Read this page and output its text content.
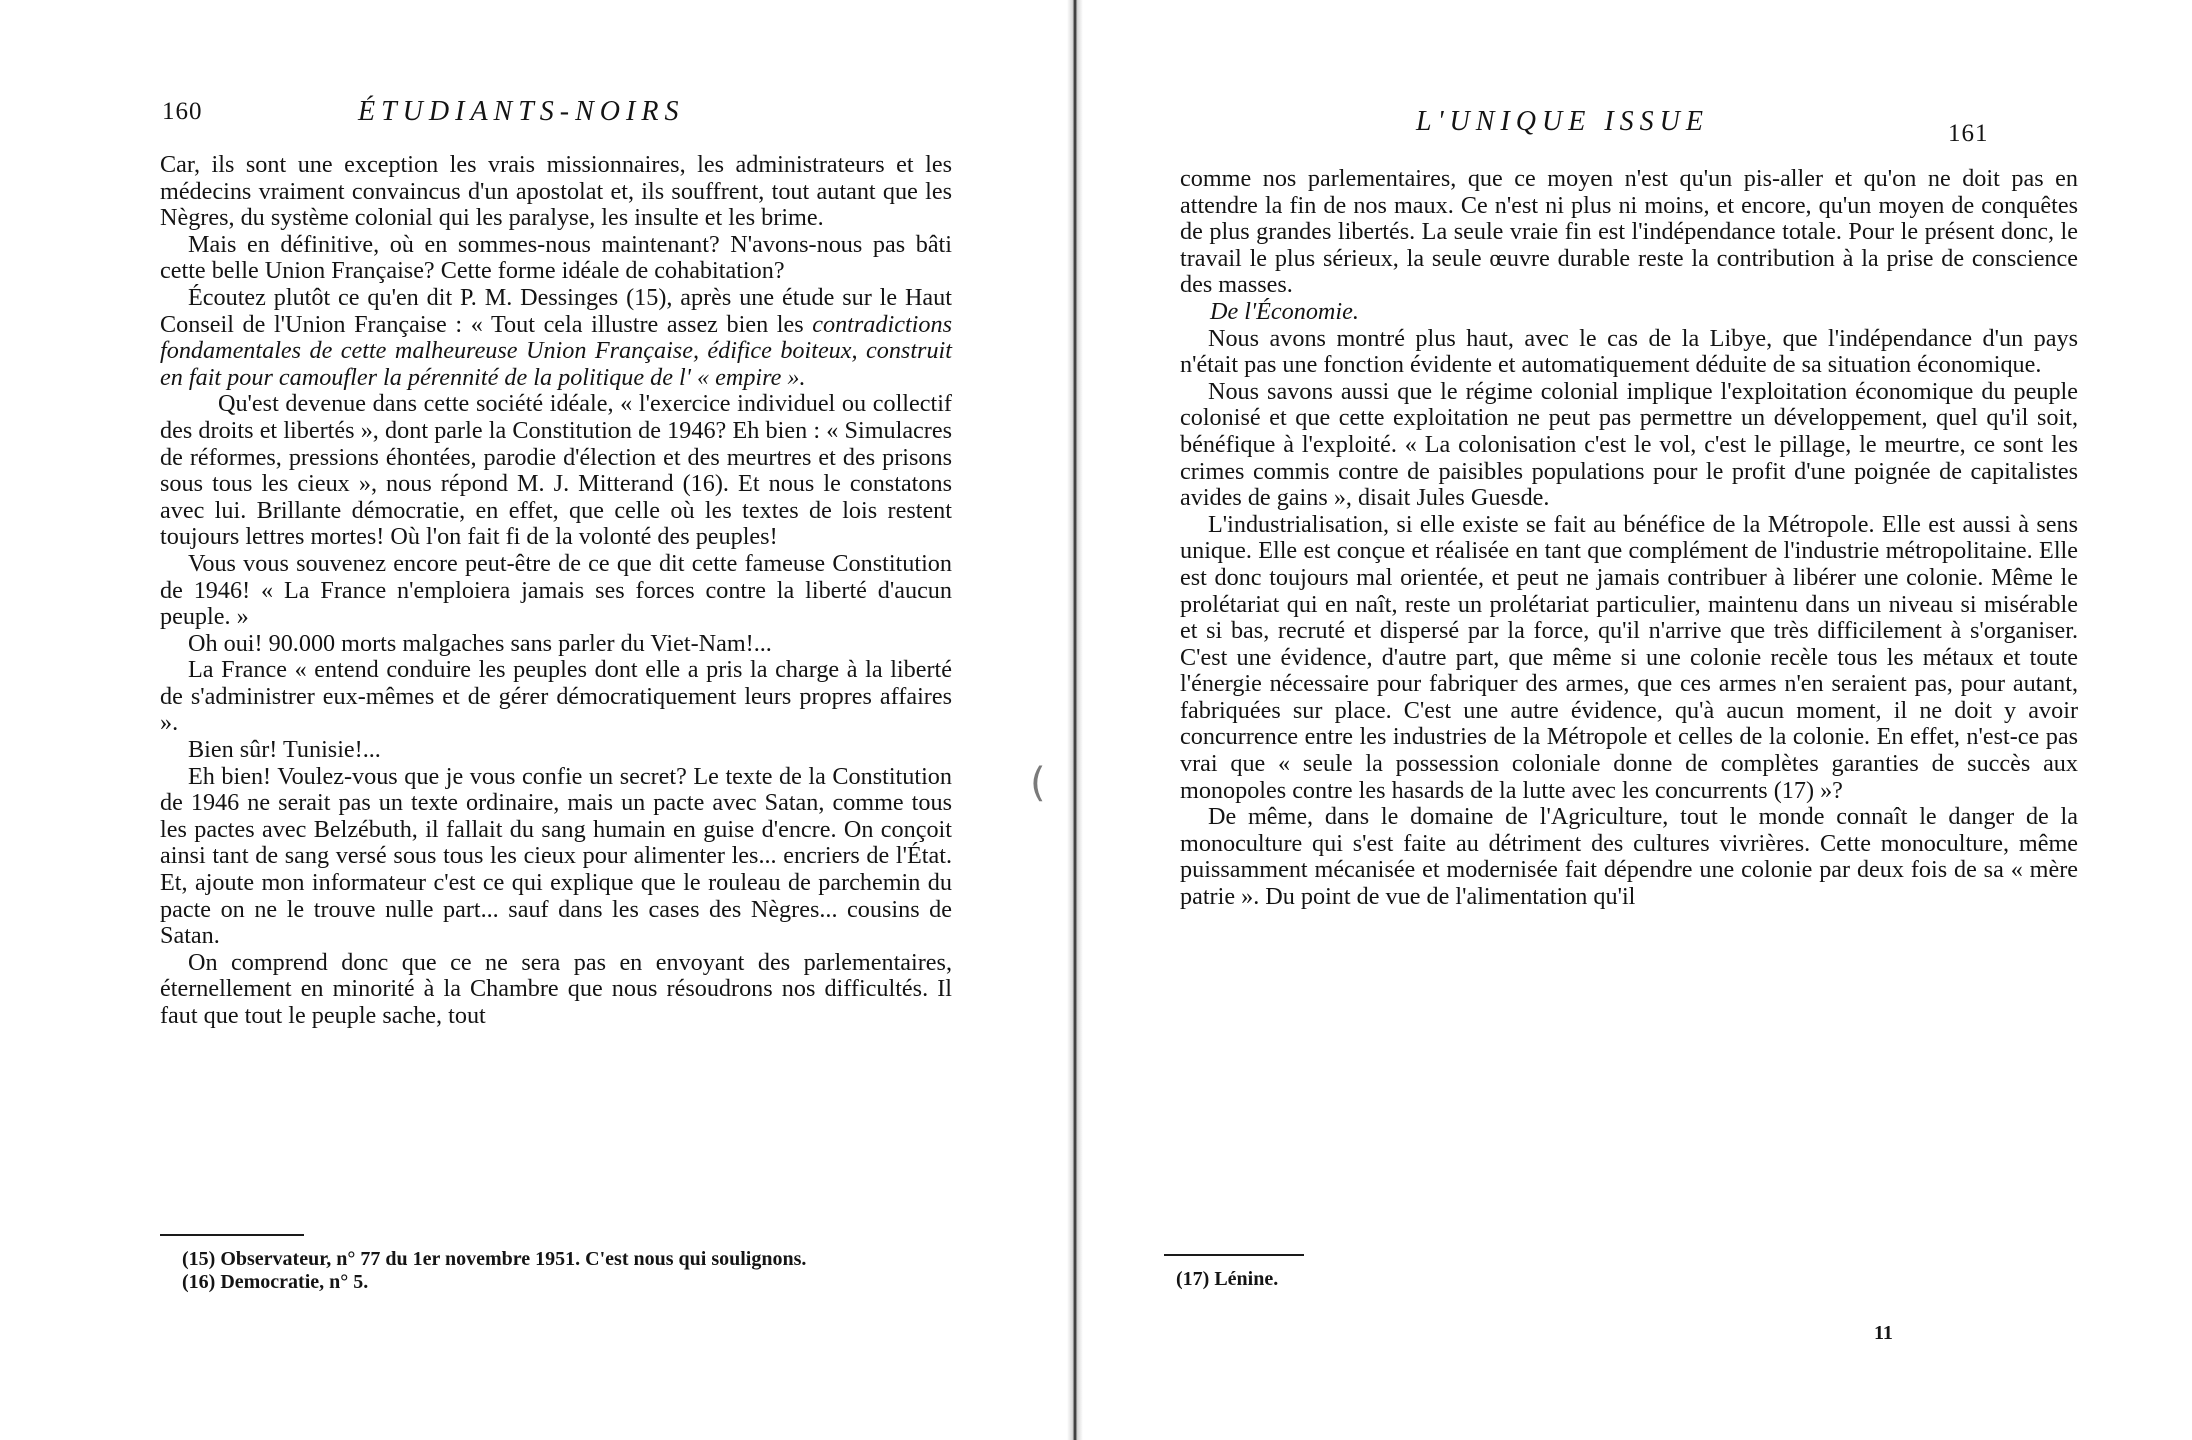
160	ÉTUDIANTS-NOIRS

Car, ils sont une exception les vrais missionnaires, les administrateurs et les médecins vraiment convaincus d'un apostolat et, ils souffrent, tout autant que les Nègres, du système colonial qui les paralyse, les insulte et les brime.

Mais en définitive, où en sommes-nous maintenant? N'avons-nous pas bâti cette belle Union Française? Cette forme idéale de cohabitation?

Écoutez plutôt ce qu'en dit P. M. Dessinges (15), après une étude sur le Haut Conseil de l'Union Française : « Tout cela illustre assez bien les contradictions fondamentales de cette malheureuse Union Française, édifice boiteux, construit en fait pour camoufler la pérennité de la politique de l' « empire ».

Qu'est devenue dans cette société idéale, « l'exercice individuel ou collectif des droits et libertés », dont parle la Constitution de 1946? Eh bien : « Simulacres de réformes, pressions éhontées, parodie d'élection et des meurtres et des prisons sous tous les cieux », nous répond M. J. Mitterand (16). Et nous le constatons avec lui. Brillante démocratie, en effet, que celle où les textes de lois restent toujours lettres mortes! Où l'on fait fi de la volonté des peuples!

Vous vous souvenez encore peut-être de ce que dit cette fameuse Constitution de 1946! « La France n'emploiera jamais ses forces contre la liberté d'aucun peuple. »

Oh oui! 90.000 morts malgaches sans parler du Viet-Nam!...

La France « entend conduire les peuples dont elle a pris la charge à la liberté de s'administrer eux-mêmes et de gérer démocratiquement leurs propres affaires ».

Bien sûr! Tunisie!...

Eh bien! Voulez-vous que je vous confie un secret? Le texte de la Constitution de 1946 ne serait pas un texte ordinaire, mais un pacte avec Satan, comme tous les pactes avec Belzébuth, il fallait du sang humain en guise d'encre. On conçoit ainsi tant de sang versé sous tous les cieux pour alimenter les... encriers de l'État. Et, ajoute mon informateur c'est ce qui explique que le rouleau de parchemin du pacte on ne le trouve nulle part... sauf dans les cases des Nègres... cousins de Satan.

On comprend donc que ce ne sera pas en envoyant des parlementaires, éternellement en minorité à la Chambre que nous résoudrons nos difficultés. Il faut que tout le peuple sache, tout

(15) Observateur, n° 77 du 1er novembre 1951. C'est nous qui soulignons.

(16) Democratie, n° 5.

L'UNIQUE ISSUE	161

comme nos parlementaires, que ce moyen n'est qu'un pis-aller et qu'on ne doit pas en attendre la fin de nos maux. Ce n'est ni plus ni moins, et encore, qu'un moyen de conquêtes de plus grandes libertés. La seule vraie fin est l'indépendance totale. Pour le présent donc, le travail le plus sérieux, la seule œuvre durable reste la contribution à la prise de conscience des masses.

De l'Économie.

Nous avons montré plus haut, avec le cas de la Libye, que l'indépendance d'un pays n'était pas une fonction évidente et automatiquement déduite de sa situation économique.

Nous savons aussi que le régime colonial implique l'exploitation économique du peuple colonisé et que cette exploitation ne peut pas permettre un développement, quel qu'il soit, bénéfique à l'exploité. « La colonisation c'est le vol, c'est le pillage, le meurtre, ce sont les crimes commis contre de paisibles populations pour le profit d'une poignée de capitalistes avides de gains », disait Jules Guesde.

L'industrialisation, si elle existe se fait au bénéfice de la Métropole. Elle est aussi à sens unique. Elle est conçue et réalisée en tant que complément de l'industrie métropolitaine. Elle est donc toujours mal orientée, et peut ne jamais contribuer à libérer une colonie. Même le prolétariat qui en naît, reste un prolétariat particulier, maintenu dans un niveau si misérable et si bas, recruté et dispersé par la force, qu'il n'arrive que très difficilement à s'organiser. C'est une évidence, d'autre part, que même si une colonie recèle tous les métaux et toute l'énergie nécessaire pour fabriquer des armes, que ces armes n'en seraient pas, pour autant, fabriquées sur place. C'est une autre évidence, qu'à aucun moment, il ne doit y avoir concurrence entre les industries de la Métropole et celles de la colonie. En effet, n'est-ce pas vrai que « seule la possession coloniale donne de complètes garanties de succès aux monopoles contre les hasards de la lutte avec les concurrents (17) »?

De même, dans le domaine de l'Agriculture, tout le monde connaît le danger de la monoculture qui s'est faite au détriment des cultures vivrières. Cette monoculture, même puissamment mécanisée et modernisée fait dépendre une colonie par deux fois de sa « mère patrie ». Du point de vue de l'alimentation qu'il

(17) Lénine.

11
(
